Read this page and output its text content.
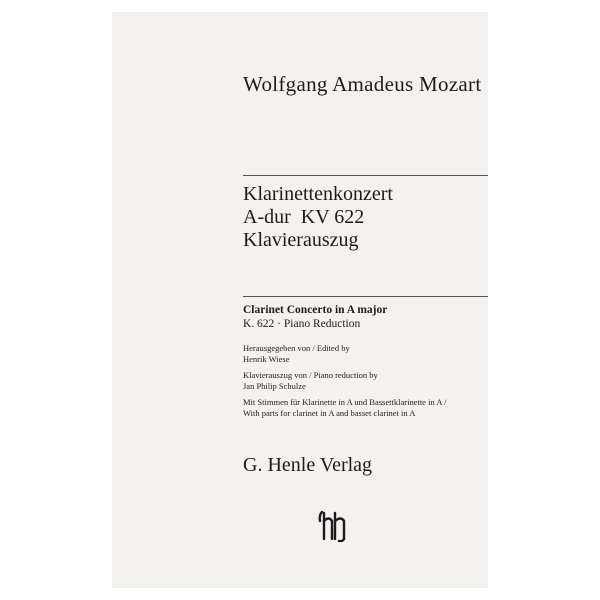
Wolfgang Amadeus Mozart
Klarinettenkonzert
A-dur  KV 622
Klavierauszug
Clarinet Concerto in A major
K. 622 · Piano Reduction
Herausgegeben von / Edited by
Henrik Wiese
Klavierauszug von / Piano reduction by
Jan Philip Schulze
Mit Stimmen für Klarinette in A und Bassettklarinette in A /
With parts for clarinet in A and basset clarinet in A
G. Henle Verlag
